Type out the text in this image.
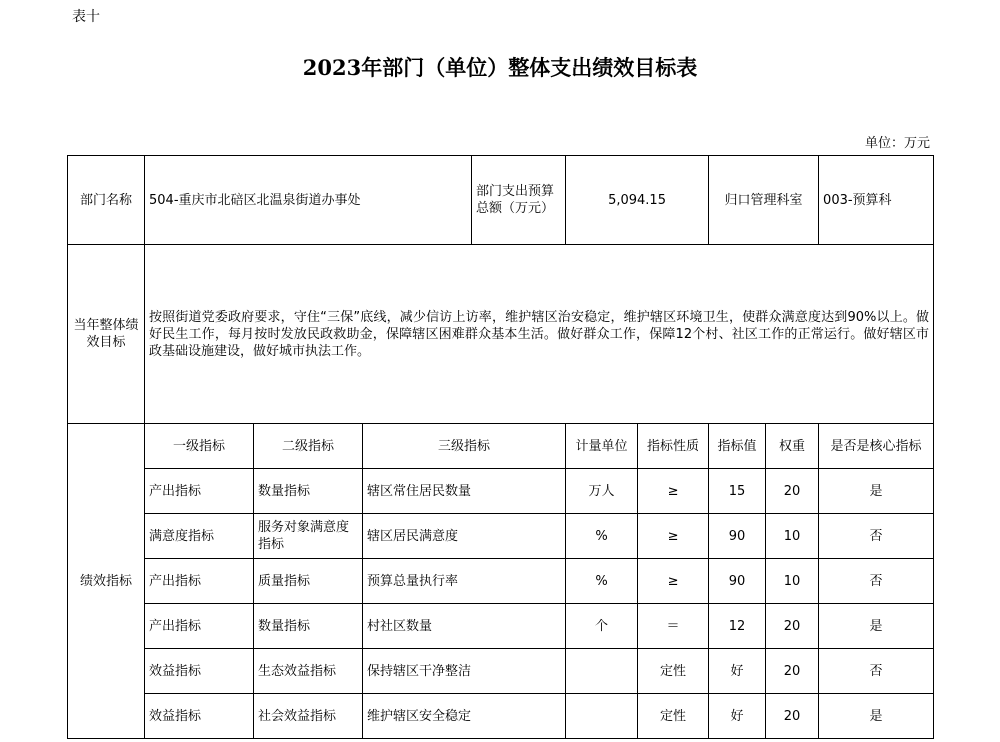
表十
2023年部门（单位）整体支出绩效目标表
单位：万元
部门名称	504-重庆市北碚区北温泉街道办事处			部门支出预算总额（万元）	5,094.15		归口管理科室		003-预算科
当年整体绩效目标	按照街道党委政府要求，守住“三保”底线，减少信访上访率，维护辖区治安稳定，维护辖区环境卫生，使群众满意度达到90%以上。做好民生工作，每月按时发放民政救助金，保障辖区困难群众基本生活。做好群众工作，保障12个村、社区工作的正常运行。做好辖区市政基础设施建设，做好城市执法工作。								
绩效指标	一级指标	二级指标	三级指标		计量单位	指标性质	指标值	权重	是否是核心指标
	产出指标	数量指标	辖区常住居民数量		万人	≥	15	20	是
	满意度指标	服务对象满意度指标	辖区居民满意度		%	≥	90	10	否
	产出指标	质量指标	预算总量执行率		%	≥	90	10	否
	产出指标	数量指标	村社区数量		个	＝	12	20	是
	效益指标	生态效益指标	保持辖区干净整洁			定性	好	20	否
	效益指标	社会效益指标	维护辖区安全稳定			定性	好	20	是
